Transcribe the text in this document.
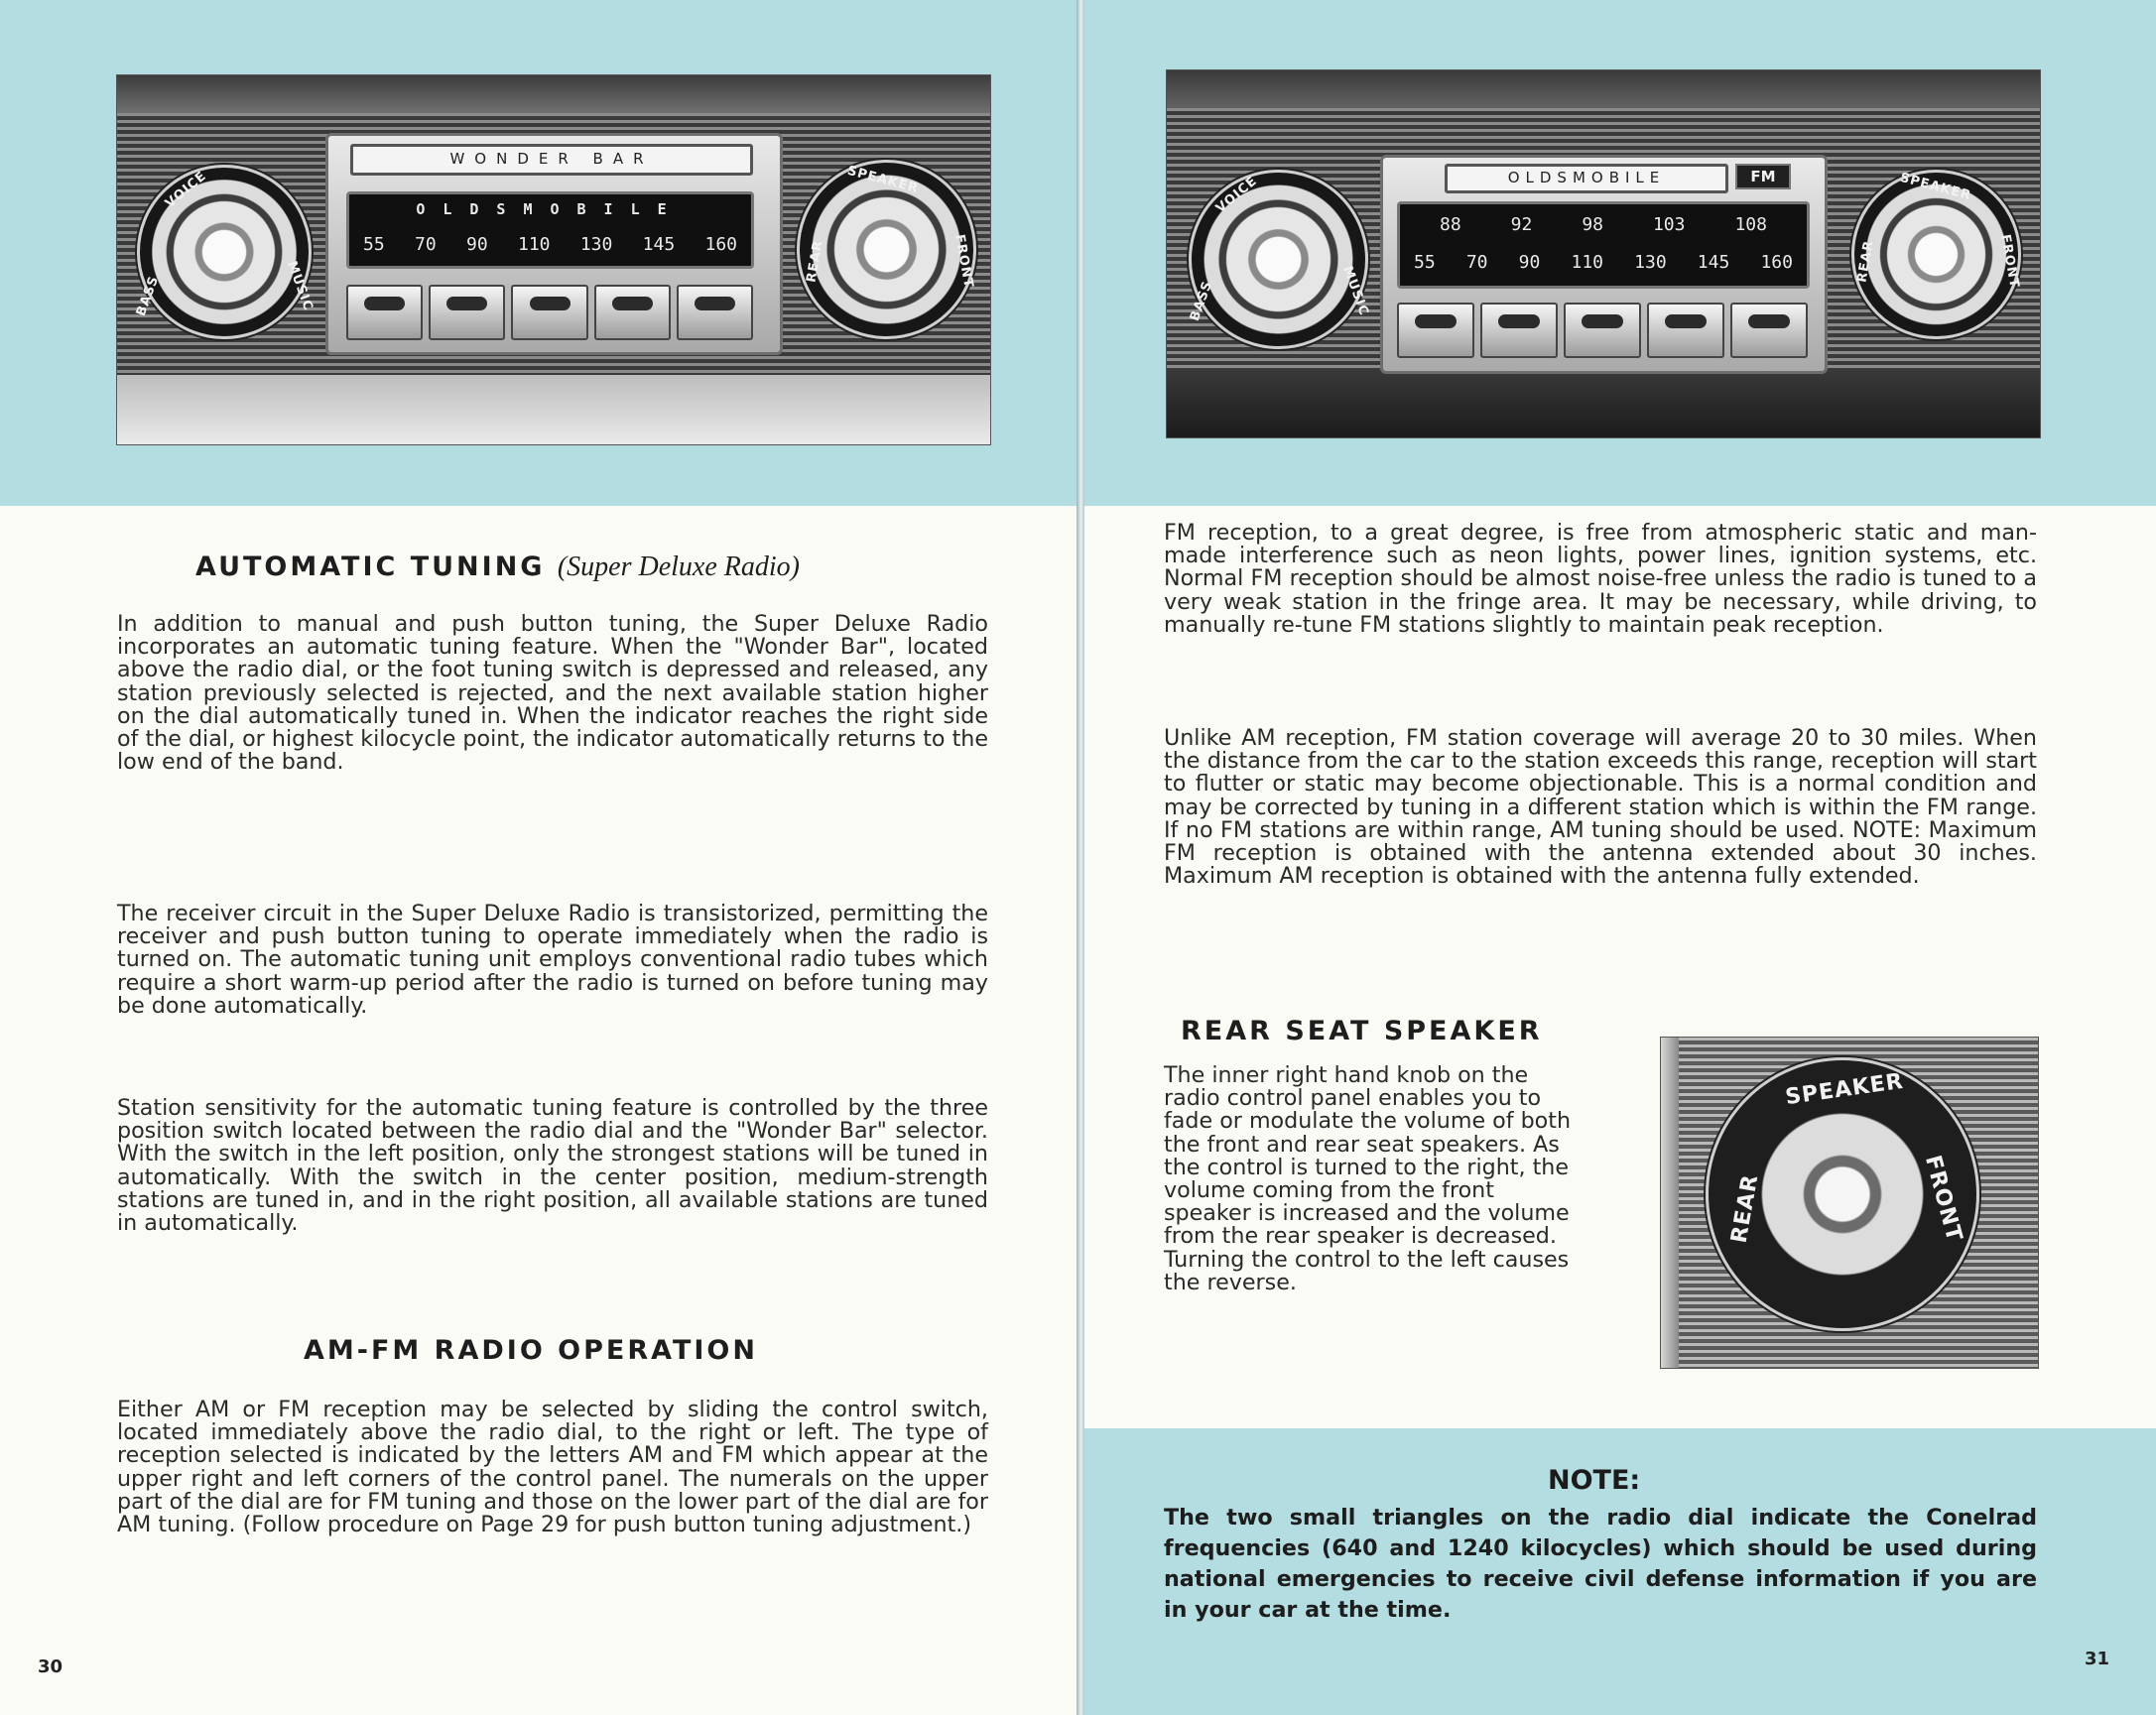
BASS
VOICE
MUSIC
WONDER BAR
OLDSMOBILE
55 70 90 110 130 145 160	REAR
SPEAKER
FRONT
AUTOMATIC TUNING (Super Deluxe Radio)

In addition to manual and push button tuning, the Super Deluxe Radio incorporates an automatic tuning feature. When the "Wonder Bar", located above the radio dial, or the foot tuning switch is depressed and released, any station previously selected is rejected, and the next available station higher on the dial automatically tuned in. When the indicator reaches the right side of the dial, or highest kilocycle point, the indicator automatically returns to the low end of the band.

The receiver circuit in the Super Deluxe Radio is transistorized, permitting the receiver and push button tuning to operate immediately when the radio is turned on. The automatic tuning unit employs conventional radio tubes which require a short warm-up period after the radio is turned on before tuning may be done automatically.

Station sensitivity for the automatic tuning feature is controlled by the three position switch located between the radio dial and the "Wonder Bar" selector. With the switch in the left position, only the strongest stations will be tuned in automatically. With the switch in the center position, medium-strength stations are tuned in, and in the right position, all available stations are tuned in automatically.

AM-FM RADIO OPERATION

Either AM or FM reception may be selected by sliding the control switch, located immediately above the radio dial, to the right or left. The type of reception selected is indicated by the letters AM and FM which appear at the upper right and left corners of the control panel. The numerals on the upper part of the dial are for FM tuning and those on the lower part of the dial are for AM tuning. (Follow procedure on Page 29 for push button tuning adjustment.)

30
BASS
VOICE
MUSIC
OLDSMOBILE	FM
88	92	98	103	108
55 70 90 110 130 145 160	REAR
SPEAKER
FRONT

FM reception, to a great degree, is free from atmospheric static and man-made interference such as neon lights, power lines, ignition systems, etc. Normal FM reception should be almost noise-free unless the radio is tuned to a very weak station in the fringe area. It may be necessary, while driving, to manually re-tune FM stations slightly to maintain peak reception.

Unlike AM reception, FM station coverage will average 20 to 30 miles. When the distance from the car to the station exceeds this range, reception will start to flutter or static may become objectionable. This is a normal condition and may be corrected by tuning in a different station which is within the FM range. If no FM stations are within range, AM tuning should be used. NOTE: Maximum FM reception is obtained with the antenna extended about 30 inches. Maximum AM reception is obtained with the antenna fully extended.

REAR SEAT SPEAKER

The inner right hand knob on the radio control panel enables you to fade or modulate the volume of both the front and rear seat speakers. As the control is turned to the right, the volume coming from the front speaker is increased and the volume from the rear speaker is decreased. Turning the control to the left causes the reverse.

SPEAKER
REAR	FRONT
NOTE:

The two small triangles on the radio dial indicate the Conelrad frequencies (640 and 1240 kilocycles) which should be used during national emergencies to receive civil defense information if you are in your car at the time.

31
